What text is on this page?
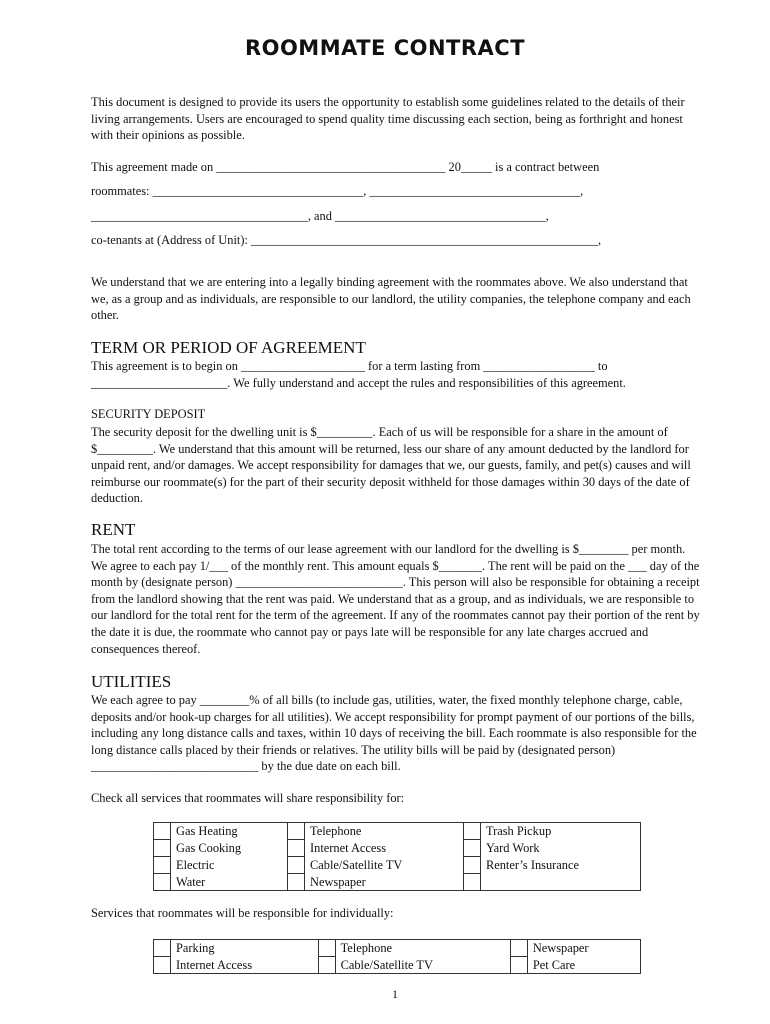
ROOMMATE CONTRACT
This document is designed to provide its users the opportunity to establish some guidelines related to the details of their living arrangements. Users are encouraged to spend quality time discussing each section, being as forthright and honest with their opinions as possible.
This agreement made on _____________________________________ 20_____ is a contract between
roommates: __________________________________, __________________________________,
___________________________________, and __________________________________,
co-tenants at (Address of Unit): ________________________________________________________,
We understand that we are entering into a legally binding agreement with the roommates above. We also understand that we, as a group and as individuals, are responsible to our landlord, the utility companies, the telephone company and each other.
TERM OR PERIOD OF AGREEMENT
This agreement is to begin on ____________________ for a term lasting from __________________ to ______________________. We fully understand and accept the rules and responsibilities of this agreement.
SECURITY DEPOSIT
The security deposit for the dwelling unit is $_________. Each of us will be responsible for a share in the amount of $_________. We understand that this amount will be returned, less our share of any amount deducted by the landlord for unpaid rent, and/or damages. We accept responsibility for damages that we, our guests, family, and pet(s) causes and will reimburse our roommate(s) for the part of their security deposit withheld for those damages within 30 days of the date of deduction.
RENT
The total rent according to the terms of our lease agreement with our landlord for the dwelling is $________ per month. We agree to each pay 1/___ of the monthly rent. This amount equals $_______. The rent will be paid on the ___ day of the month by (designate person) ___________________________. This person will also be responsible for obtaining a receipt from the landlord showing that the rent was paid. We understand that as a group, and as individuals, we are responsible to our landlord for the total rent for the term of the agreement. If any of the roommates cannot pay their portion of the rent by the date it is due, the roommate who cannot pay or pays late will be responsible for any late charges accrued and consequences thereof.
UTILITIES
We each agree to pay ________% of all bills (to include gas, utilities, water, the fixed monthly telephone charge, cable, deposits and/or hook-up charges for all utilities). We accept responsibility for prompt payment of our portions of the bills, including any long distance calls and taxes, within 10 days of receiving the bill. Each roommate is also responsible for the long distance calls placed by their friends or relatives. The utility bills will be paid by (designated person) ___________________________ by the due date on each bill.
Check all services that roommates will share responsibility for:
	Gas Heating		Telephone		Trash Pickup
	Gas Cooking		Internet Access		Yard Work
	Electric		Cable/Satellite TV		Renter’s Insurance
	Water		Newspaper		
Services that roommates will be responsible for individually:
	Parking		Telephone		Newspaper
	Internet Access		Cable/Satellite TV		Pet Care
1
